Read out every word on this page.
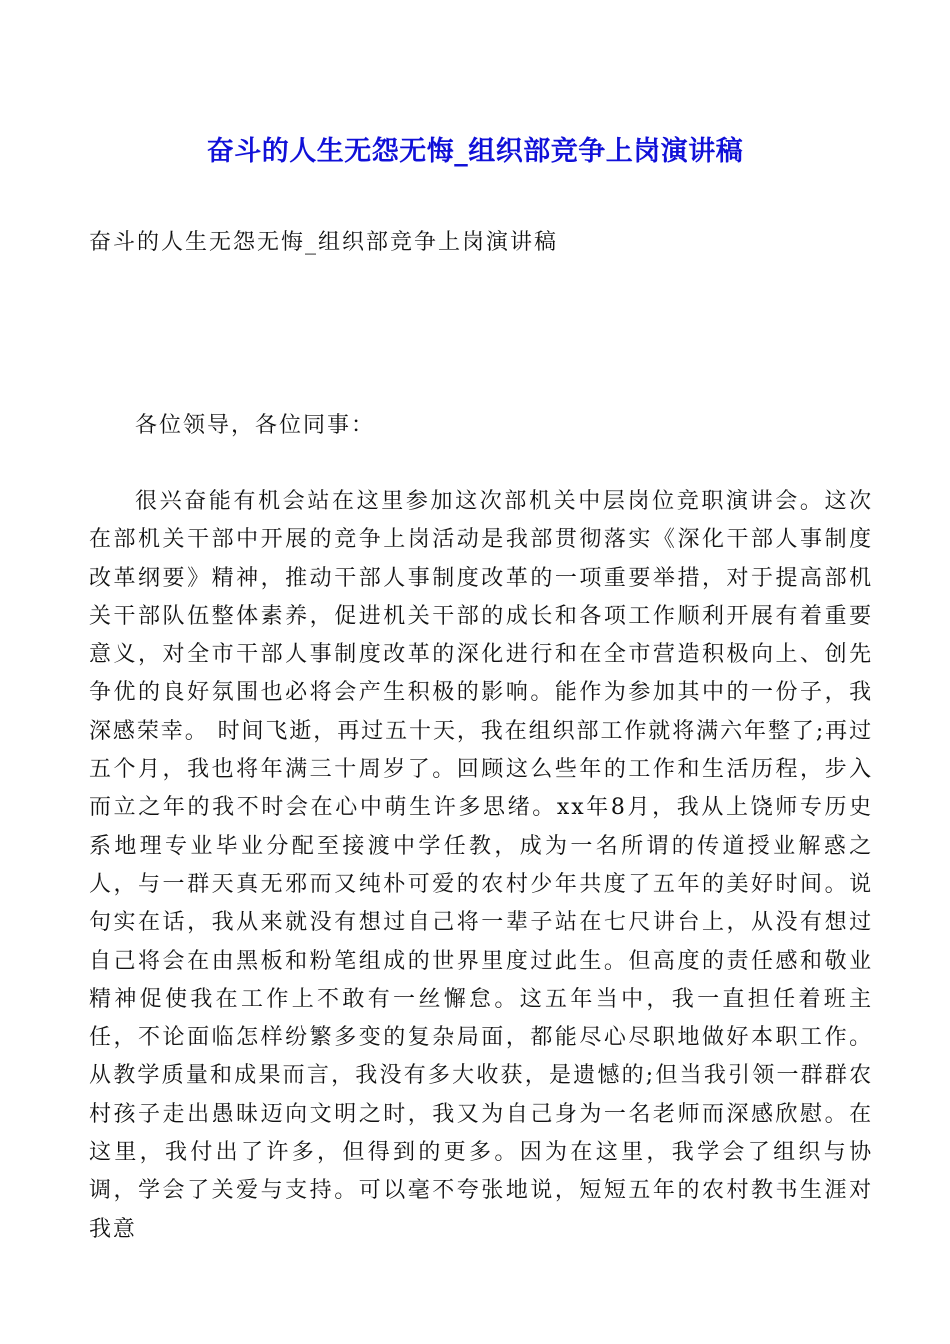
奋斗的人生无怨无悔_组织部竞争上岗演讲稿

奋斗的人生无怨无悔_组织部竞争上岗演讲稿

各位领导，各位同事：

很兴奋能有机会站在这里参加这次部机关中层岗位竞职演讲会。这次在部机关干部中开展的竞争上岗活动是我部贯彻落实《深化干部人事制度改革纲要》精神，推动干部人事制度改革的一项重要举措，对于提高部机关干部队伍整体素养，促进机关干部的成长和各项工作顺利开展有着重要意义，对全市干部人事制度改革的深化进行和在全市营造积极向上、创先争优的良好氛围也必将会产生积极的影响。能作为参加其中的一份子，我深感荣幸。 时间飞逝，再过五十天，我在组织部工作就将满六年整了;再过五个月，我也将年满三十周岁了。回顾这么些年的工作和生活历程，步入而立之年的我不时会在心中萌生许多思绪。xx年8月，我从上饶师专历史系地理专业毕业分配至接渡中学任教，成为一名所谓的传道授业解惑之人，与一群天真无邪而又纯朴可爱的农村少年共度了五年的美好时间。说句实在话，我从来就没有想过自己将一辈子站在七尺讲台上，从没有想过自己将会在由黑板和粉笔组成的世界里度过此生。但高度的责任感和敬业精神促使我在工作上不敢有一丝懈怠。这五年当中，我一直担任着班主任，不论面临怎样纷繁多变的复杂局面，都能尽心尽职地做好本职工作。从教学质量和成果而言，我没有多大收获，是遗憾的;但当我引领一群群农村孩子走出愚昧迈向文明之时，我又为自己身为一名老师而深感欣慰。在这里，我付出了许多，但得到的更多。因为在这里，我学会了组织与协调，学会了关爱与支持。可以毫不夸张地说，短短五年的农村教书生涯对我意
